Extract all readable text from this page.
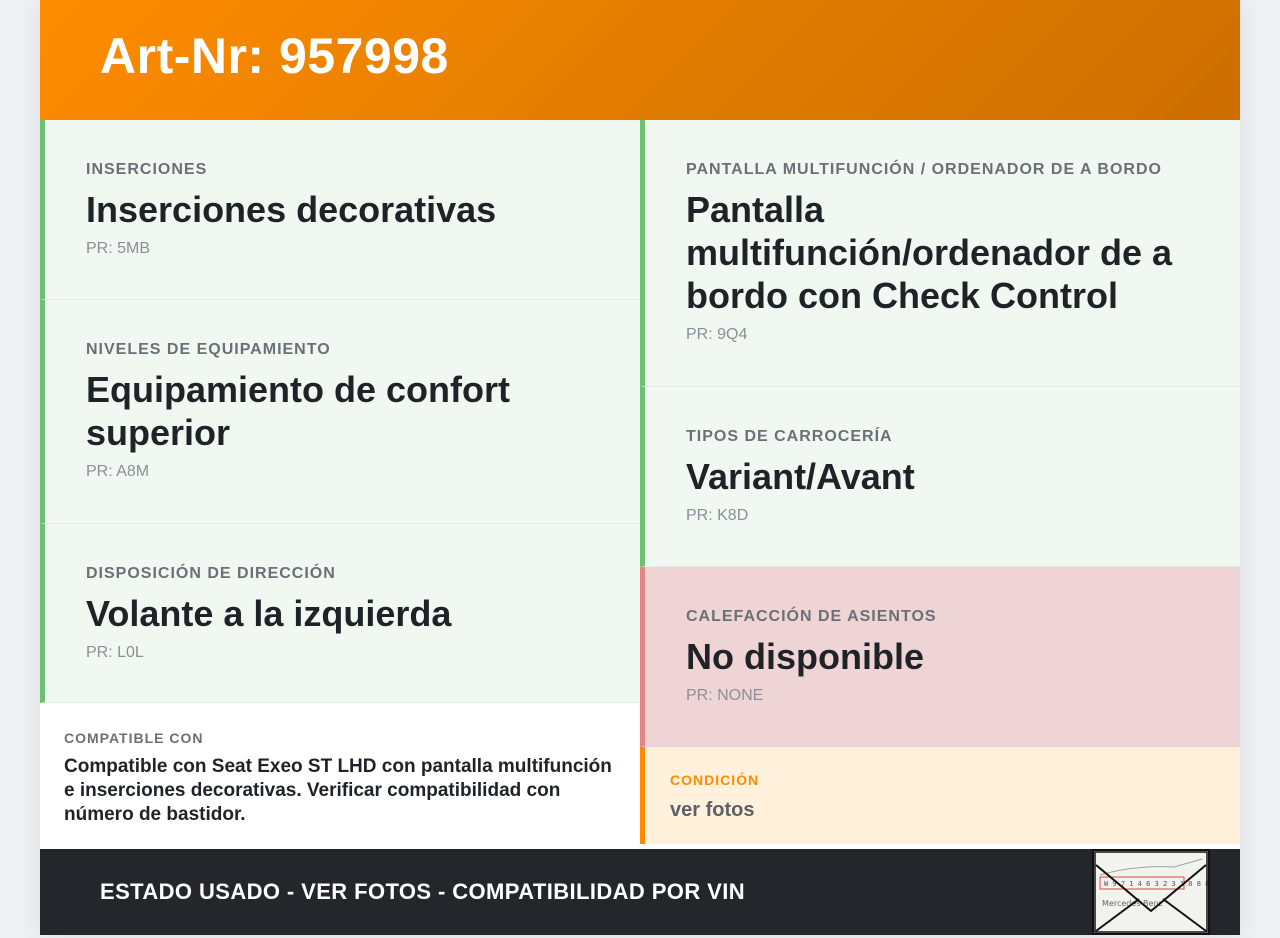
Art-Nr: 957998
INSERCIONES
Inserciones decorativas
PR: 5MB
NIVELES DE EQUIPAMIENTO
Equipamiento de confort superior
PR: A8M
DISPOSICIÓN DE DIRECCIÓN
Volante a la izquierda
PR: L0L
PANTALLA MULTIFUNCIÓN / ORDENADOR DE A BORDO
Pantalla multifunción/ordenador de a bordo con Check Control
PR: 9Q4
TIPOS DE CARROCERÍA
Variant/Avant
PR: K8D
CALEFACCIÓN DE ASIENTOS
No disponible
PR: NONE
COMPATIBLE CON
Compatible con Seat Exeo ST LHD con pantalla multifunción e inserciones decorativas. Verificar compatibilidad con número de bastidor.
CONDICIÓN
ver fotos
ESTADO USADO - VER FOTOS - COMPATIBILIDAD POR VIN	W 9 7 1 4 6 3 2 3 1 8 8 8
Mercedes-Benz
